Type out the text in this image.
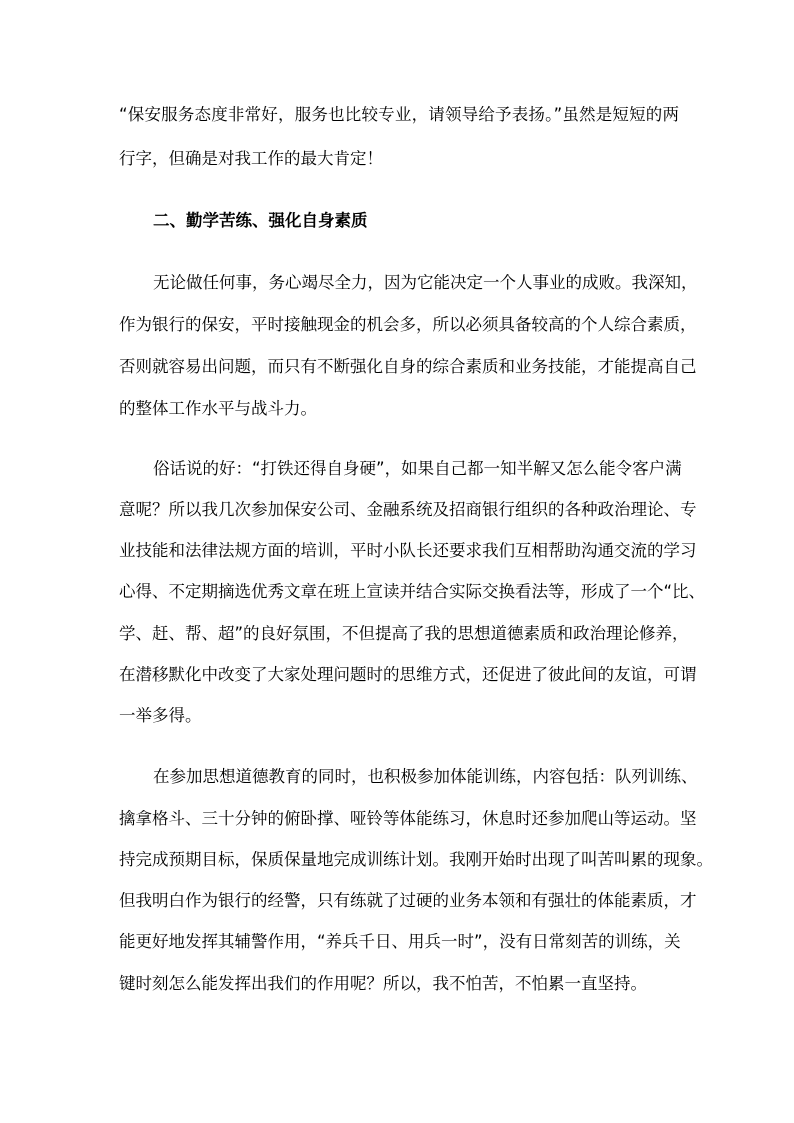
“保安服务态度非常好，服务也比较专业，请领导给予表扬。”虽然是短短的两
行字，但确是对我工作的最大肯定！
二、勤学苦练、强化自身素质
无论做任何事，务心竭尽全力，因为它能决定一个人事业的成败。我深知，
作为银行的保安，平时接触现金的机会多，所以必须具备较高的个人综合素质，
否则就容易出问题，而只有不断强化自身的综合素质和业务技能，才能提高自己
的整体工作水平与战斗力。
俗话说的好：“打铁还得自身硬”，如果自己都一知半解又怎么能令客户满
意呢？所以我几次参加保安公司、金融系统及招商银行组织的各种政治理论、专
业技能和法律法规方面的培训，平时小队长还要求我们互相帮助沟通交流的学习
心得、不定期摘选优秀文章在班上宣读并结合实际交换看法等，形成了一个“比、
学、赶、帮、超”的良好氛围，不但提高了我的思想道德素质和政治理论修养，
在潜移默化中改变了大家处理问题时的思维方式，还促进了彼此间的友谊，可谓
一举多得。
在参加思想道德教育的同时，也积极参加体能训练，内容包括：队列训练、
擒拿格斗、三十分钟的俯卧撑、哑铃等体能练习，休息时还参加爬山等运动。坚
持完成预期目标，保质保量地完成训练计划。我刚开始时出现了叫苦叫累的现象。
但我明白作为银行的经警，只有练就了过硬的业务本领和有强壮的体能素质，才
能更好地发挥其辅警作用，“养兵千日、用兵一时”，没有日常刻苦的训练，关
键时刻怎么能发挥出我们的作用呢？所以，我不怕苦，不怕累一直坚持。
